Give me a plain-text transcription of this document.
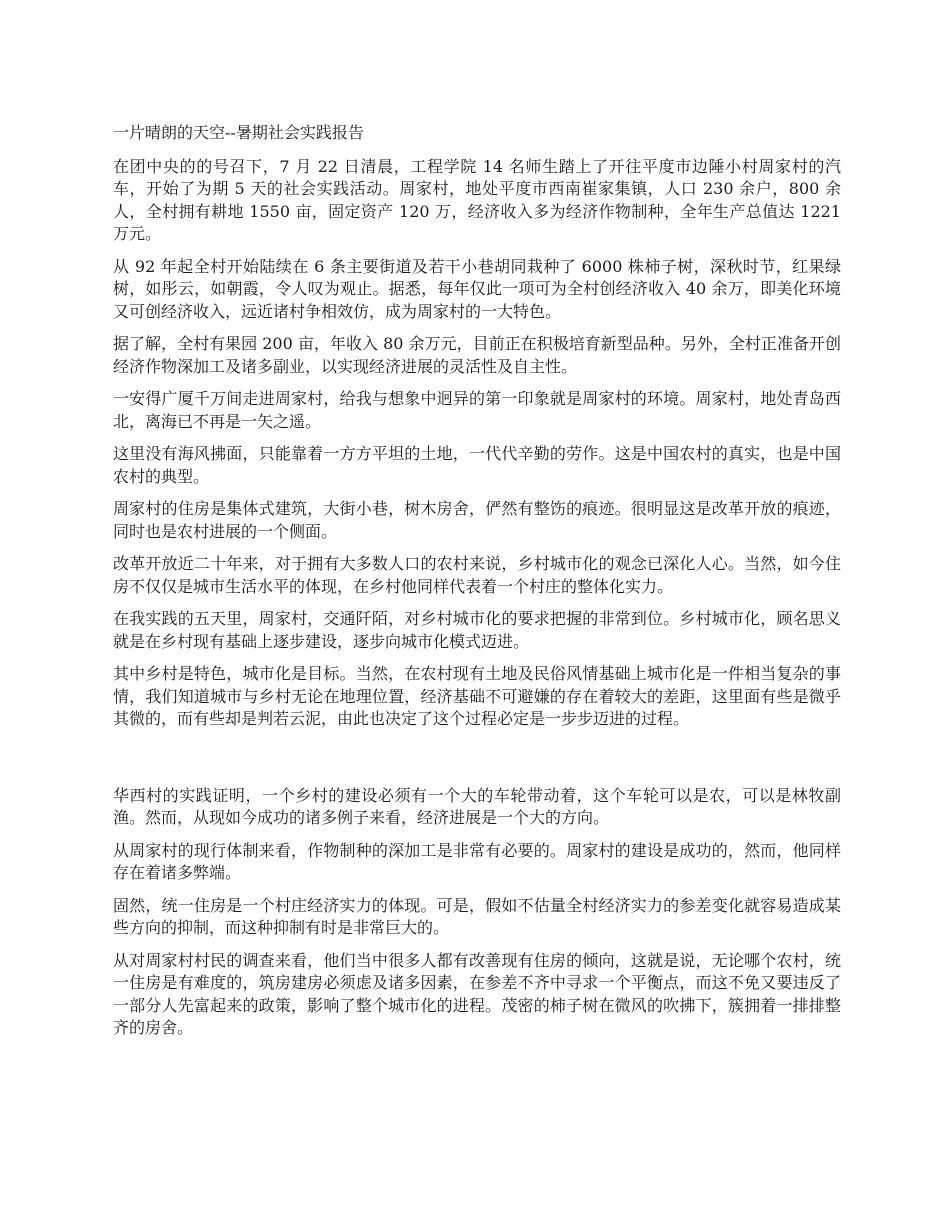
一片晴朗的天空--暑期社会实践报告

在团中央的的号召下，7 月 22 日清晨，工程学院 14 名师生踏上了开往平度市边陲小村周家村的汽车，开始了为期 5 天的社会实践活动。周家村，地处平度市西南崔家集镇，人口 230 余户，800 余人，全村拥有耕地 1550 亩，固定资产 120 万，经济收入多为经济作物制种，全年生产总值达 1221 万元。

从 92 年起全村开始陆续在 6 条主要街道及若干小巷胡同栽种了 6000 株柿子树，深秋时节，红果绿树，如彤云，如朝霞，令人叹为观止。据悉，每年仅此一项可为全村创经济收入 40 余万，即美化环境又可创经济收入，远近诸村争相效仿，成为周家村的一大特色。

据了解，全村有果园 200 亩，年收入 80 余万元，目前正在积极培育新型品种。另外，全村正准备开创经济作物深加工及诸多副业，以实现经济进展的灵活性及自主性。

一安得广厦千万间走进周家村，给我与想象中迥异的第一印象就是周家村的环境。周家村，地处青岛西北，离海已不再是一矢之遥。

这里没有海风拂面，只能靠着一方方平坦的土地，一代代辛勤的劳作。这是中国农村的真实，也是中国农村的典型。

周家村的住房是集体式建筑，大街小巷，树木房舍，俨然有整饬的痕迹。很明显这是改革开放的痕迹，同时也是农村进展的一个侧面。

改革开放近二十年来，对于拥有大多数人口的农村来说，乡村城市化的观念已深化人心。当然，如今住房不仅仅是城市生活水平的体现，在乡村他同样代表着一个村庄的整体化实力。

在我实践的五天里，周家村，交通阡陌，对乡村城市化的要求把握的非常到位。乡村城市化，顾名思义就是在乡村现有基础上逐步建设，逐步向城市化模式迈进。

其中乡村是特色，城市化是目标。当然，在农村现有土地及民俗风情基础上城市化是一件相当复杂的事情，我们知道城市与乡村无论在地理位置，经济基础不可避嫌的存在着较大的差距，这里面有些是微乎其微的，而有些却是判若云泥，由此也决定了这个过程必定是一步步迈进的过程。

华西村的实践证明，一个乡村的建设必须有一个大的车轮带动着，这个车轮可以是农，可以是林牧副渔。然而，从现如今成功的诸多例子来看，经济进展是一个大的方向。

从周家村的现行体制来看，作物制种的深加工是非常有必要的。周家村的建设是成功的，然而，他同样存在着诸多弊端。

固然，统一住房是一个村庄经济实力的体现。可是，假如不估量全村经济实力的参差变化就容易造成某些方向的抑制，而这种抑制有时是非常巨大的。

从对周家村村民的调查来看，他们当中很多人都有改善现有住房的倾向，这就是说，无论哪个农村，统一住房是有难度的，筑房建房必须虑及诸多因素，在参差不齐中寻求一个平衡点，而这不免又要违反了一部分人先富起来的政策，影响了整个城市化的进程。茂密的柿子树在微风的吹拂下，簇拥着一排排整齐的房舍。
